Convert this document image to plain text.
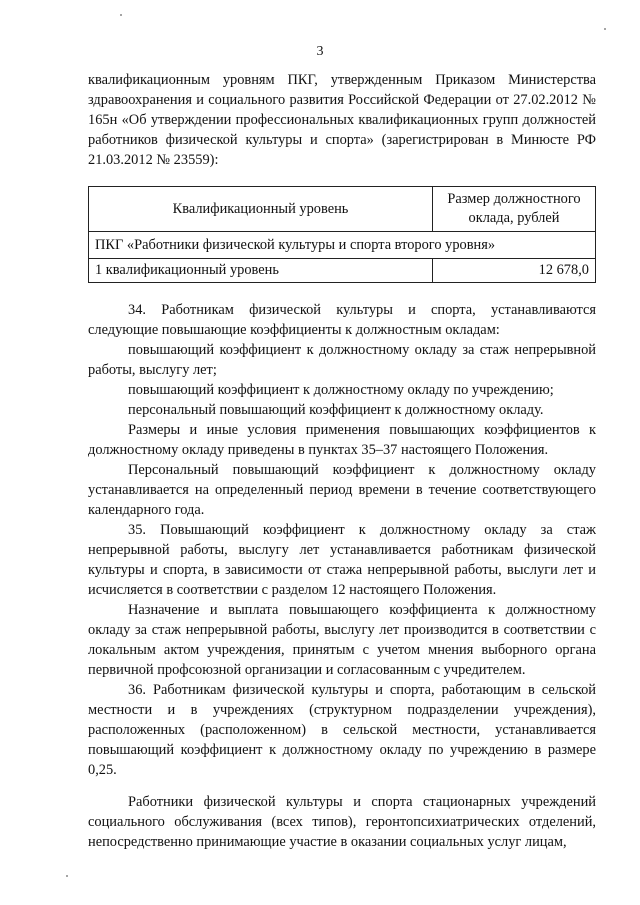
3

квалификационным уровням ПКГ, утвержденным Приказом Министерства здравоохранения и социального развития Российской Федерации от 27.02.2012 № 165н «Об утверждении профессиональных квалификационных групп должностей работников физической культуры и спорта» (зарегистрирован в Минюсте РФ 21.03.2012 № 23559):

Квалификационный уровень	Размер должностного оклада, рублей
ПКГ «Работники физической культуры и спорта второго уровня»	
1 квалификационный уровень	12 678,0

34. Работникам физической культуры и спорта, устанавливаются следующие повышающие коэффициенты к должностным окладам:

повышающий коэффициент к должностному окладу за стаж непрерывной работы, выслугу лет;

повышающий коэффициент к должностному окладу по учреждению;

персональный повышающий коэффициент к должностному окладу.

Размеры и иные условия применения повышающих коэффициентов к должностному окладу приведены в пунктах 35–37 настоящего Положения.

Персональный повышающий коэффициент к должностному окладу устанавливается на определенный период времени в течение соответствующего календарного года.

35. Повышающий коэффициент к должностному окладу за стаж непрерывной работы, выслугу лет устанавливается работникам физической культуры и спорта, в зависимости от стажа непрерывной работы, выслуги лет и исчисляется в соответствии с разделом 12 настоящего Положения.

Назначение и выплата повышающего коэффициента к должностному окладу за стаж непрерывной работы, выслугу лет производится в соответствии с локальным актом учреждения, принятым с учетом мнения выборного органа первичной профсоюзной организации и согласованным с учредителем.

36. Работникам физической культуры и спорта, работающим в сельской местности и в учреждениях (структурном подразделении учреждения), расположенных (расположенном) в сельской местности, устанавливается повышающий коэффициент к должностному окладу по учреждению в размере 0,25.

Работники физической культуры и спорта стационарных учреждений социального обслуживания (всех типов), геронтопсихиатрических отделений, непосредственно принимающие участие в оказании социальных услуг лицам,
